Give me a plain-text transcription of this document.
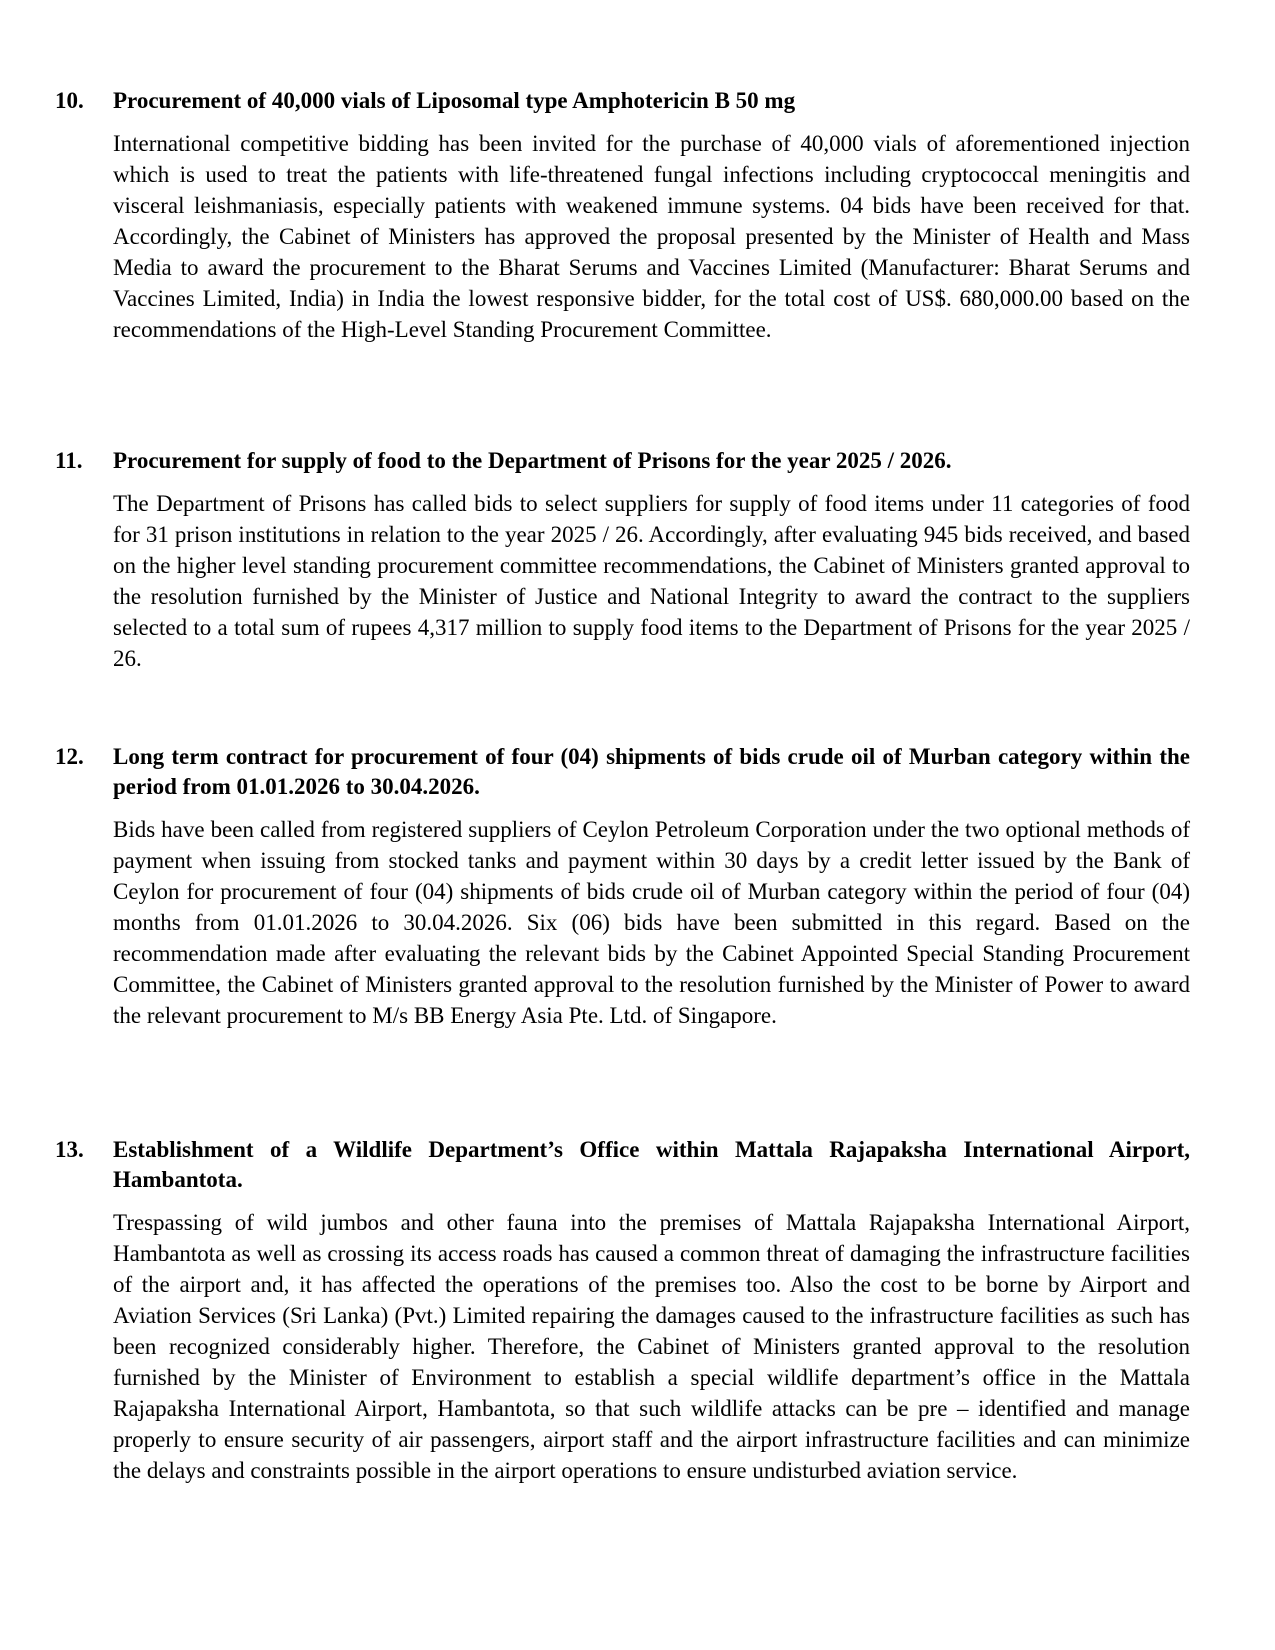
10.	Procurement of 40,000 vials of Liposomal type Amphotericin B 50 mg

International competitive bidding has been invited for the purchase of 40,000 vials of aforementioned injection which is used to treat the patients with life-threatened fungal infections including cryptococcal meningitis and visceral leishmaniasis, especially patients with weakened immune systems. 04 bids have been received for that. Accordingly, the Cabinet of Ministers has approved the proposal presented by the Minister of Health and Mass Media to award the procurement to the Bharat Serums and Vaccines Limited (Manufacturer: Bharat Serums and Vaccines Limited, India) in India the lowest responsive bidder, for the total cost of US$. 680,000.00 based on the recommendations of the High-Level Standing Procurement Committee.

11.	Procurement for supply of food to the Department of Prisons for the year 2025 / 2026.

The Department of Prisons has called bids to select suppliers for supply of food items under 11 categories of food for 31 prison institutions in relation to the year 2025 / 26. Accordingly, after evaluating 945 bids received, and based on the higher level standing procurement committee recommendations, the Cabinet of Ministers granted approval to the resolution furnished by the Minister of Justice and National Integrity to award the contract to the suppliers selected to a total sum of rupees 4,317 million to supply food items to the Department of Prisons for the year 2025 / 26.

12.	Long term contract for procurement of four (04) shipments of bids crude oil of Murban category within the period from 01.01.2026 to 30.04.2026.

Bids have been called from registered suppliers of Ceylon Petroleum Corporation under the two optional methods of payment when issuing from stocked tanks and payment within 30 days by a credit letter issued by the Bank of Ceylon for procurement of four (04) shipments of bids crude oil of Murban category within the period of four (04) months from 01.01.2026 to 30.04.2026. Six (06) bids have been submitted in this regard. Based on the recommendation made after evaluating the relevant bids by the Cabinet Appointed Special Standing Procurement Committee, the Cabinet of Ministers granted approval to the resolution furnished by the Minister of Power to award the relevant procurement to M/s BB Energy Asia Pte. Ltd. of Singapore.

13.	Establishment of a Wildlife Department’s Office within Mattala Rajapaksha International Airport, Hambantota.

Trespassing of wild jumbos and other fauna into the premises of Mattala Rajapaksha International Airport, Hambantota as well as crossing its access roads has caused a common threat of damaging the infrastructure facilities of the airport and, it has affected the operations of the premises too. Also the cost to be borne by Airport and Aviation Services (Sri Lanka) (Pvt.) Limited repairing the damages caused to the infrastructure facilities as such has been recognized considerably higher. Therefore, the Cabinet of Ministers granted approval to the resolution furnished by the Minister of Environment to establish a special wildlife department’s office in the Mattala Rajapaksha International Airport, Hambantota, so that such wildlife attacks can be pre – identified and manage properly to ensure security of air passengers, airport staff and the airport infrastructure facilities and can minimize the delays and constraints possible in the airport operations to ensure undisturbed aviation service.
